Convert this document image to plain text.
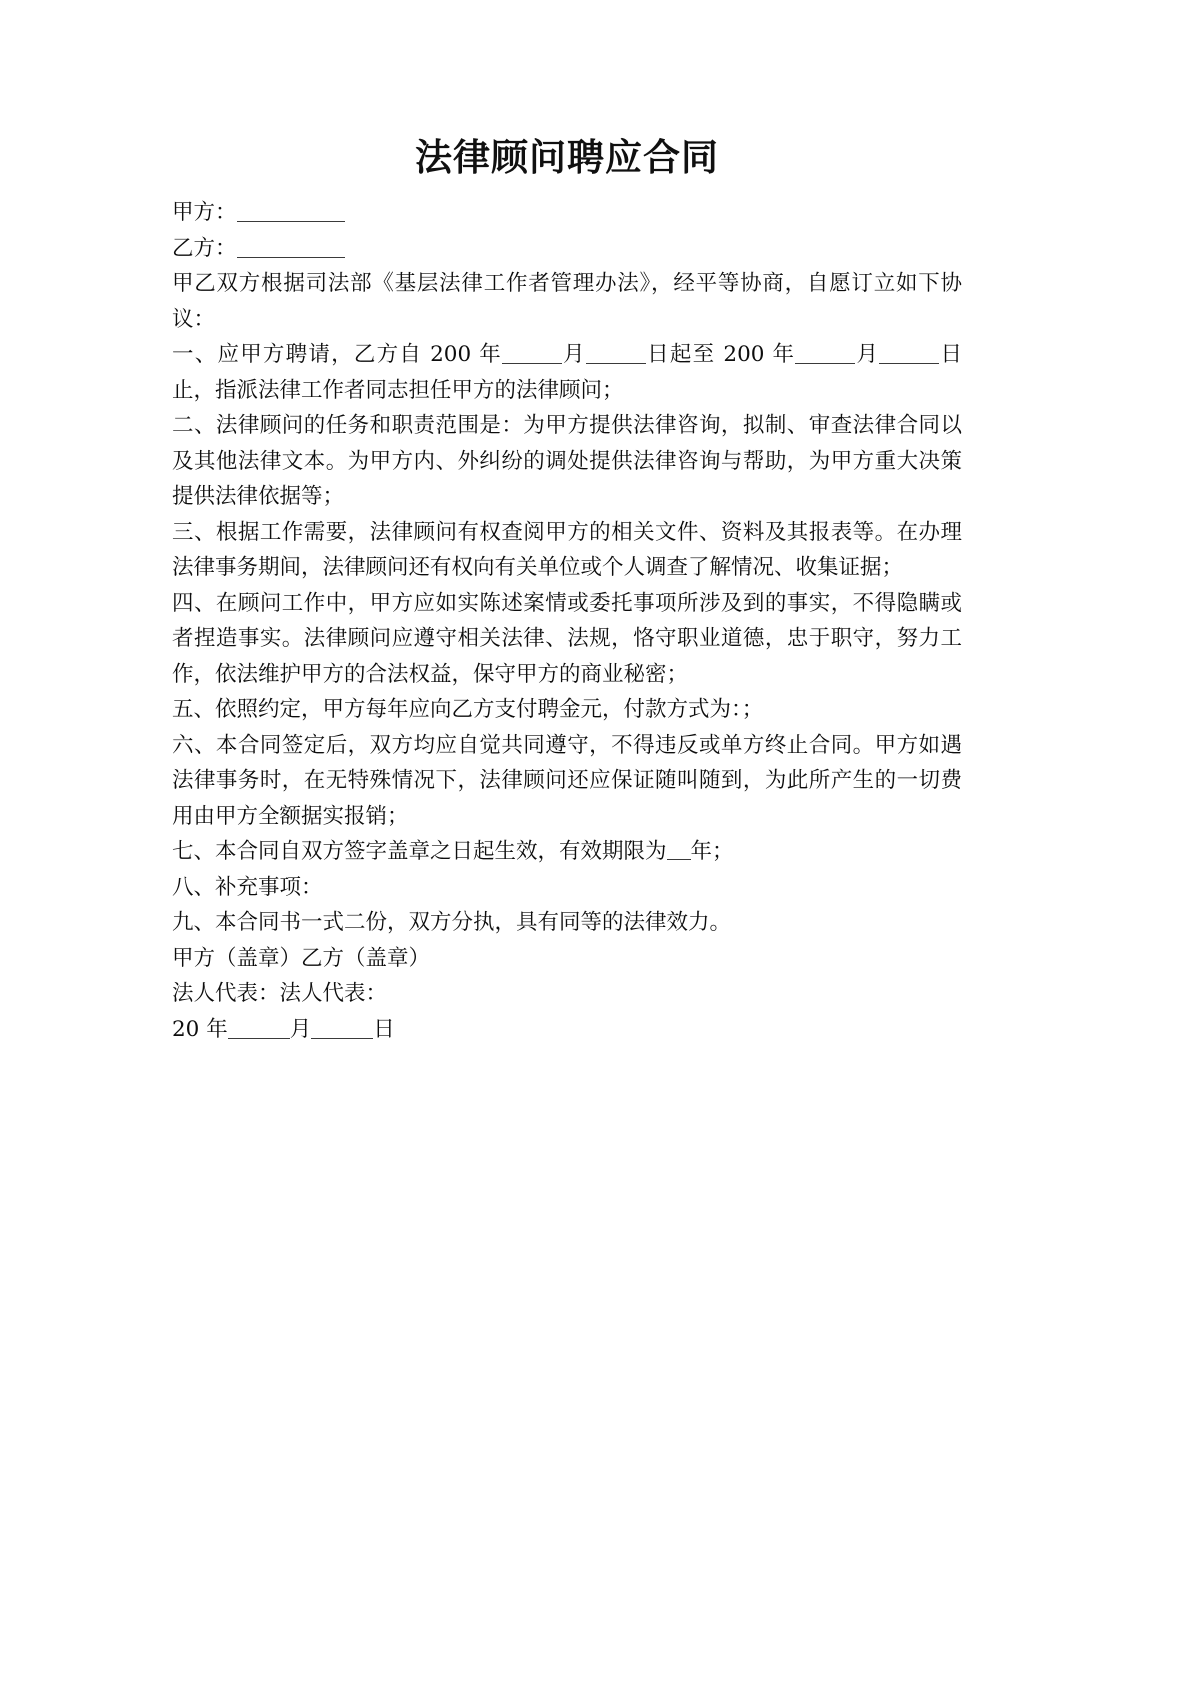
法律顾问聘应合同

甲方：

乙方：

甲乙双方根据司法部《基层法律工作者管理办法》，经平等协商，自愿订立如下协议：

一、应甲方聘请，乙方自 200 年	月	日起至 200 年	月	日止，指派法律工作者同志担任甲方的法律顾问；

二、法律顾问的任务和职责范围是：为甲方提供法律咨询，拟制、审查法律合同以及其他法律文本。为甲方内、外纠纷的调处提供法律咨询与帮助，为甲方重大决策提供法律依据等；

三、根据工作需要，法律顾问有权查阅甲方的相关文件、资料及其报表等。在办理法律事务期间，法律顾问还有权向有关单位或个人调查了解情况、收集证据；

四、在顾问工作中，甲方应如实陈述案情或委托事项所涉及到的事实，不得隐瞒或者捏造事实。法律顾问应遵守相关法律、法规，恪守职业道德，忠于职守，努力工作，依法维护甲方的合法权益，保守甲方的商业秘密；

五、依照约定，甲方每年应向乙方支付聘金元，付款方式为：；

六、本合同签定后，双方均应自觉共同遵守，不得违反或单方终止合同。甲方如遇法律事务时，在无特殊情况下，法律顾问还应保证随叫随到，为此所产生的一切费用由甲方全额据实报销；

七、本合同自双方签字盖章之日起生效，有效期限为 年；

八、补充事项：

九、本合同书一式二份，双方分执，具有同等的法律效力。

甲方（盖章）乙方（盖章）

法人代表：法人代表：

20 年	月	日
